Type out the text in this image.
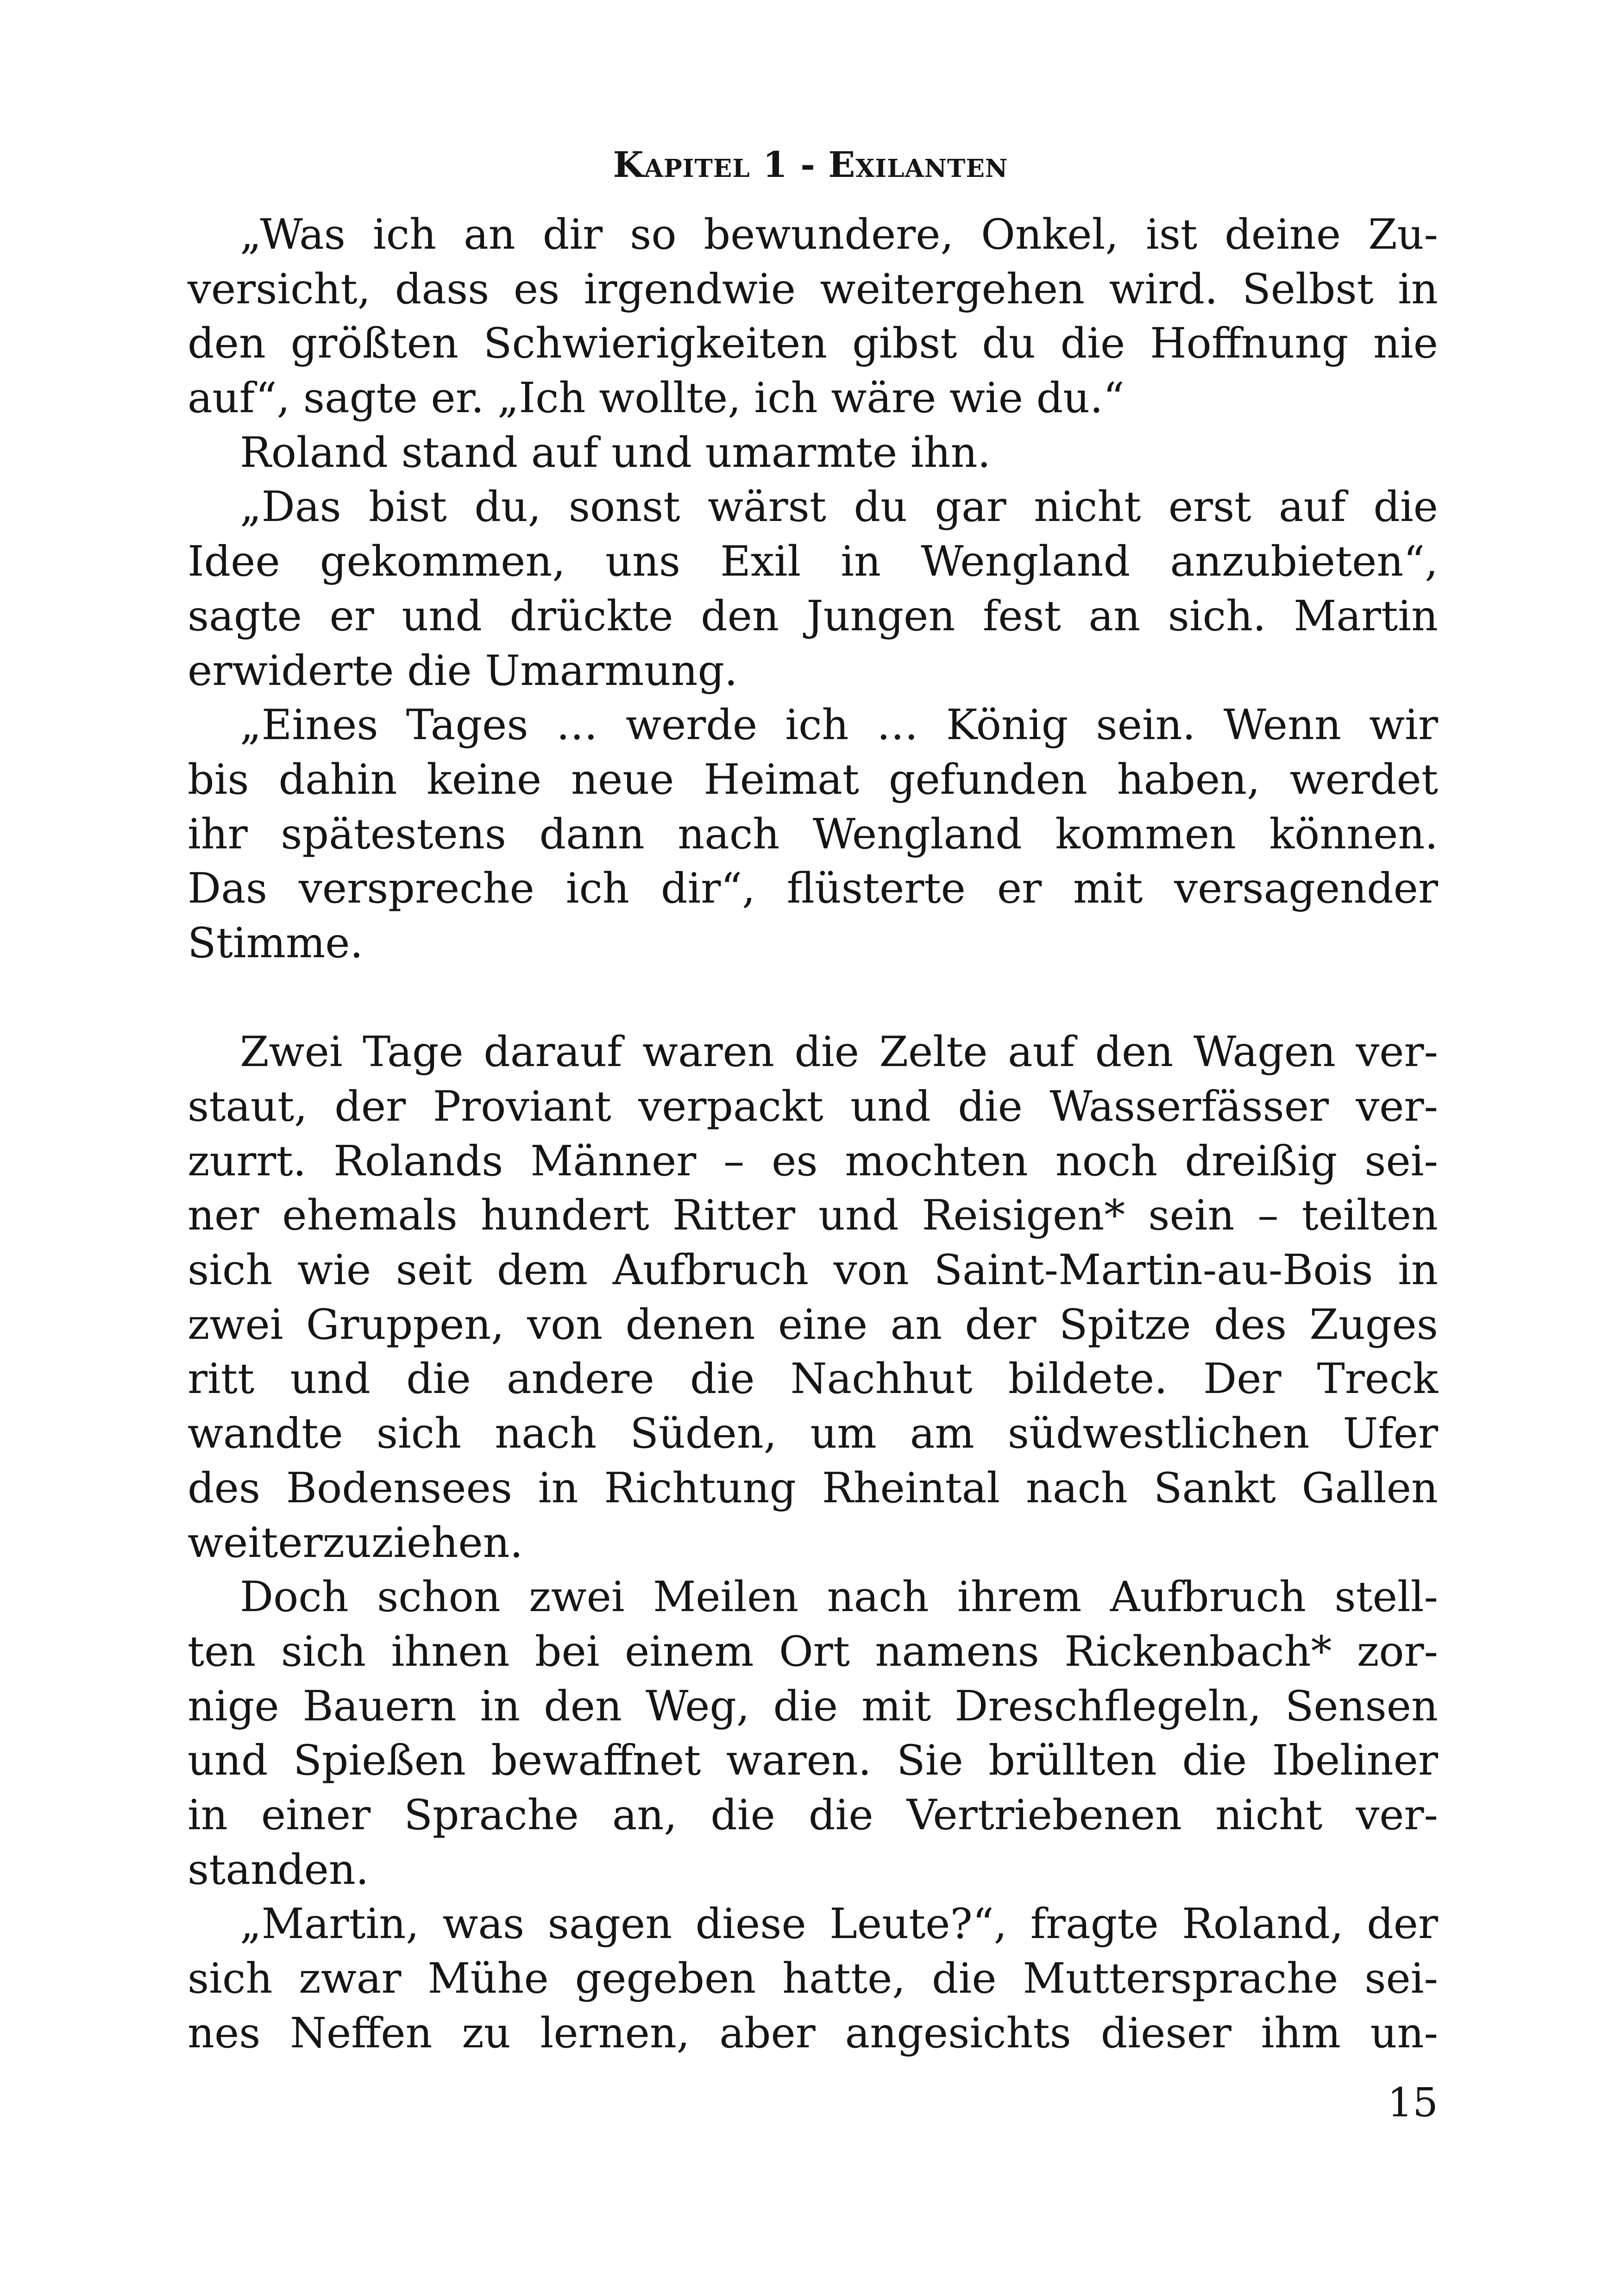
Kapitel 1 - Exilanten
„Was ich an dir so bewundere, Onkel, ist deine Zu-
versicht, dass es irgendwie weitergehen wird. Selbst in
den größten Schwierigkeiten gibst du die Hoffnung nie
auf“, sagte er. „Ich wollte, ich wäre wie du.“
Roland stand auf und umarmte ihn.
„Das bist du, sonst wärst du gar nicht erst auf die
Idee gekommen, uns Exil in Wengland anzubieten“,
sagte er und drückte den Jungen fest an sich. Martin
erwiderte die Umarmung.
„Eines Tages … werde ich … König sein. Wenn wir
bis dahin keine neue Heimat gefunden haben, werdet
ihr spätestens dann nach Wengland kommen können.
Das verspreche ich dir“, flüsterte er mit versagender
Stimme.
Zwei Tage darauf waren die Zelte auf den Wagen ver-
staut, der Proviant verpackt und die Wasserfässer ver-
zurrt. Rolands Männer – es mochten noch dreißig sei-
ner ehemals hundert Ritter und Reisigen* sein – teilten
sich wie seit dem Aufbruch von Saint-Martin-au-Bois in
zwei Gruppen, von denen eine an der Spitze des Zuges
ritt und die andere die Nachhut bildete. Der Treck
wandte sich nach Süden, um am südwestlichen Ufer
des Bodensees in Richtung Rheintal nach Sankt Gallen
weiterzuziehen.
Doch schon zwei Meilen nach ihrem Aufbruch stell-
ten sich ihnen bei einem Ort namens Rickenbach* zor-
nige Bauern in den Weg, die mit Dreschflegeln, Sensen
und Spießen bewaffnet waren. Sie brüllten die Ibeliner
in einer Sprache an, die die Vertriebenen nicht ver-
standen.
„Martin, was sagen diese Leute?“, fragte Roland, der
sich zwar Mühe gegeben hatte, die Muttersprache sei-
nes Neffen zu lernen, aber angesichts dieser ihm un-
15
